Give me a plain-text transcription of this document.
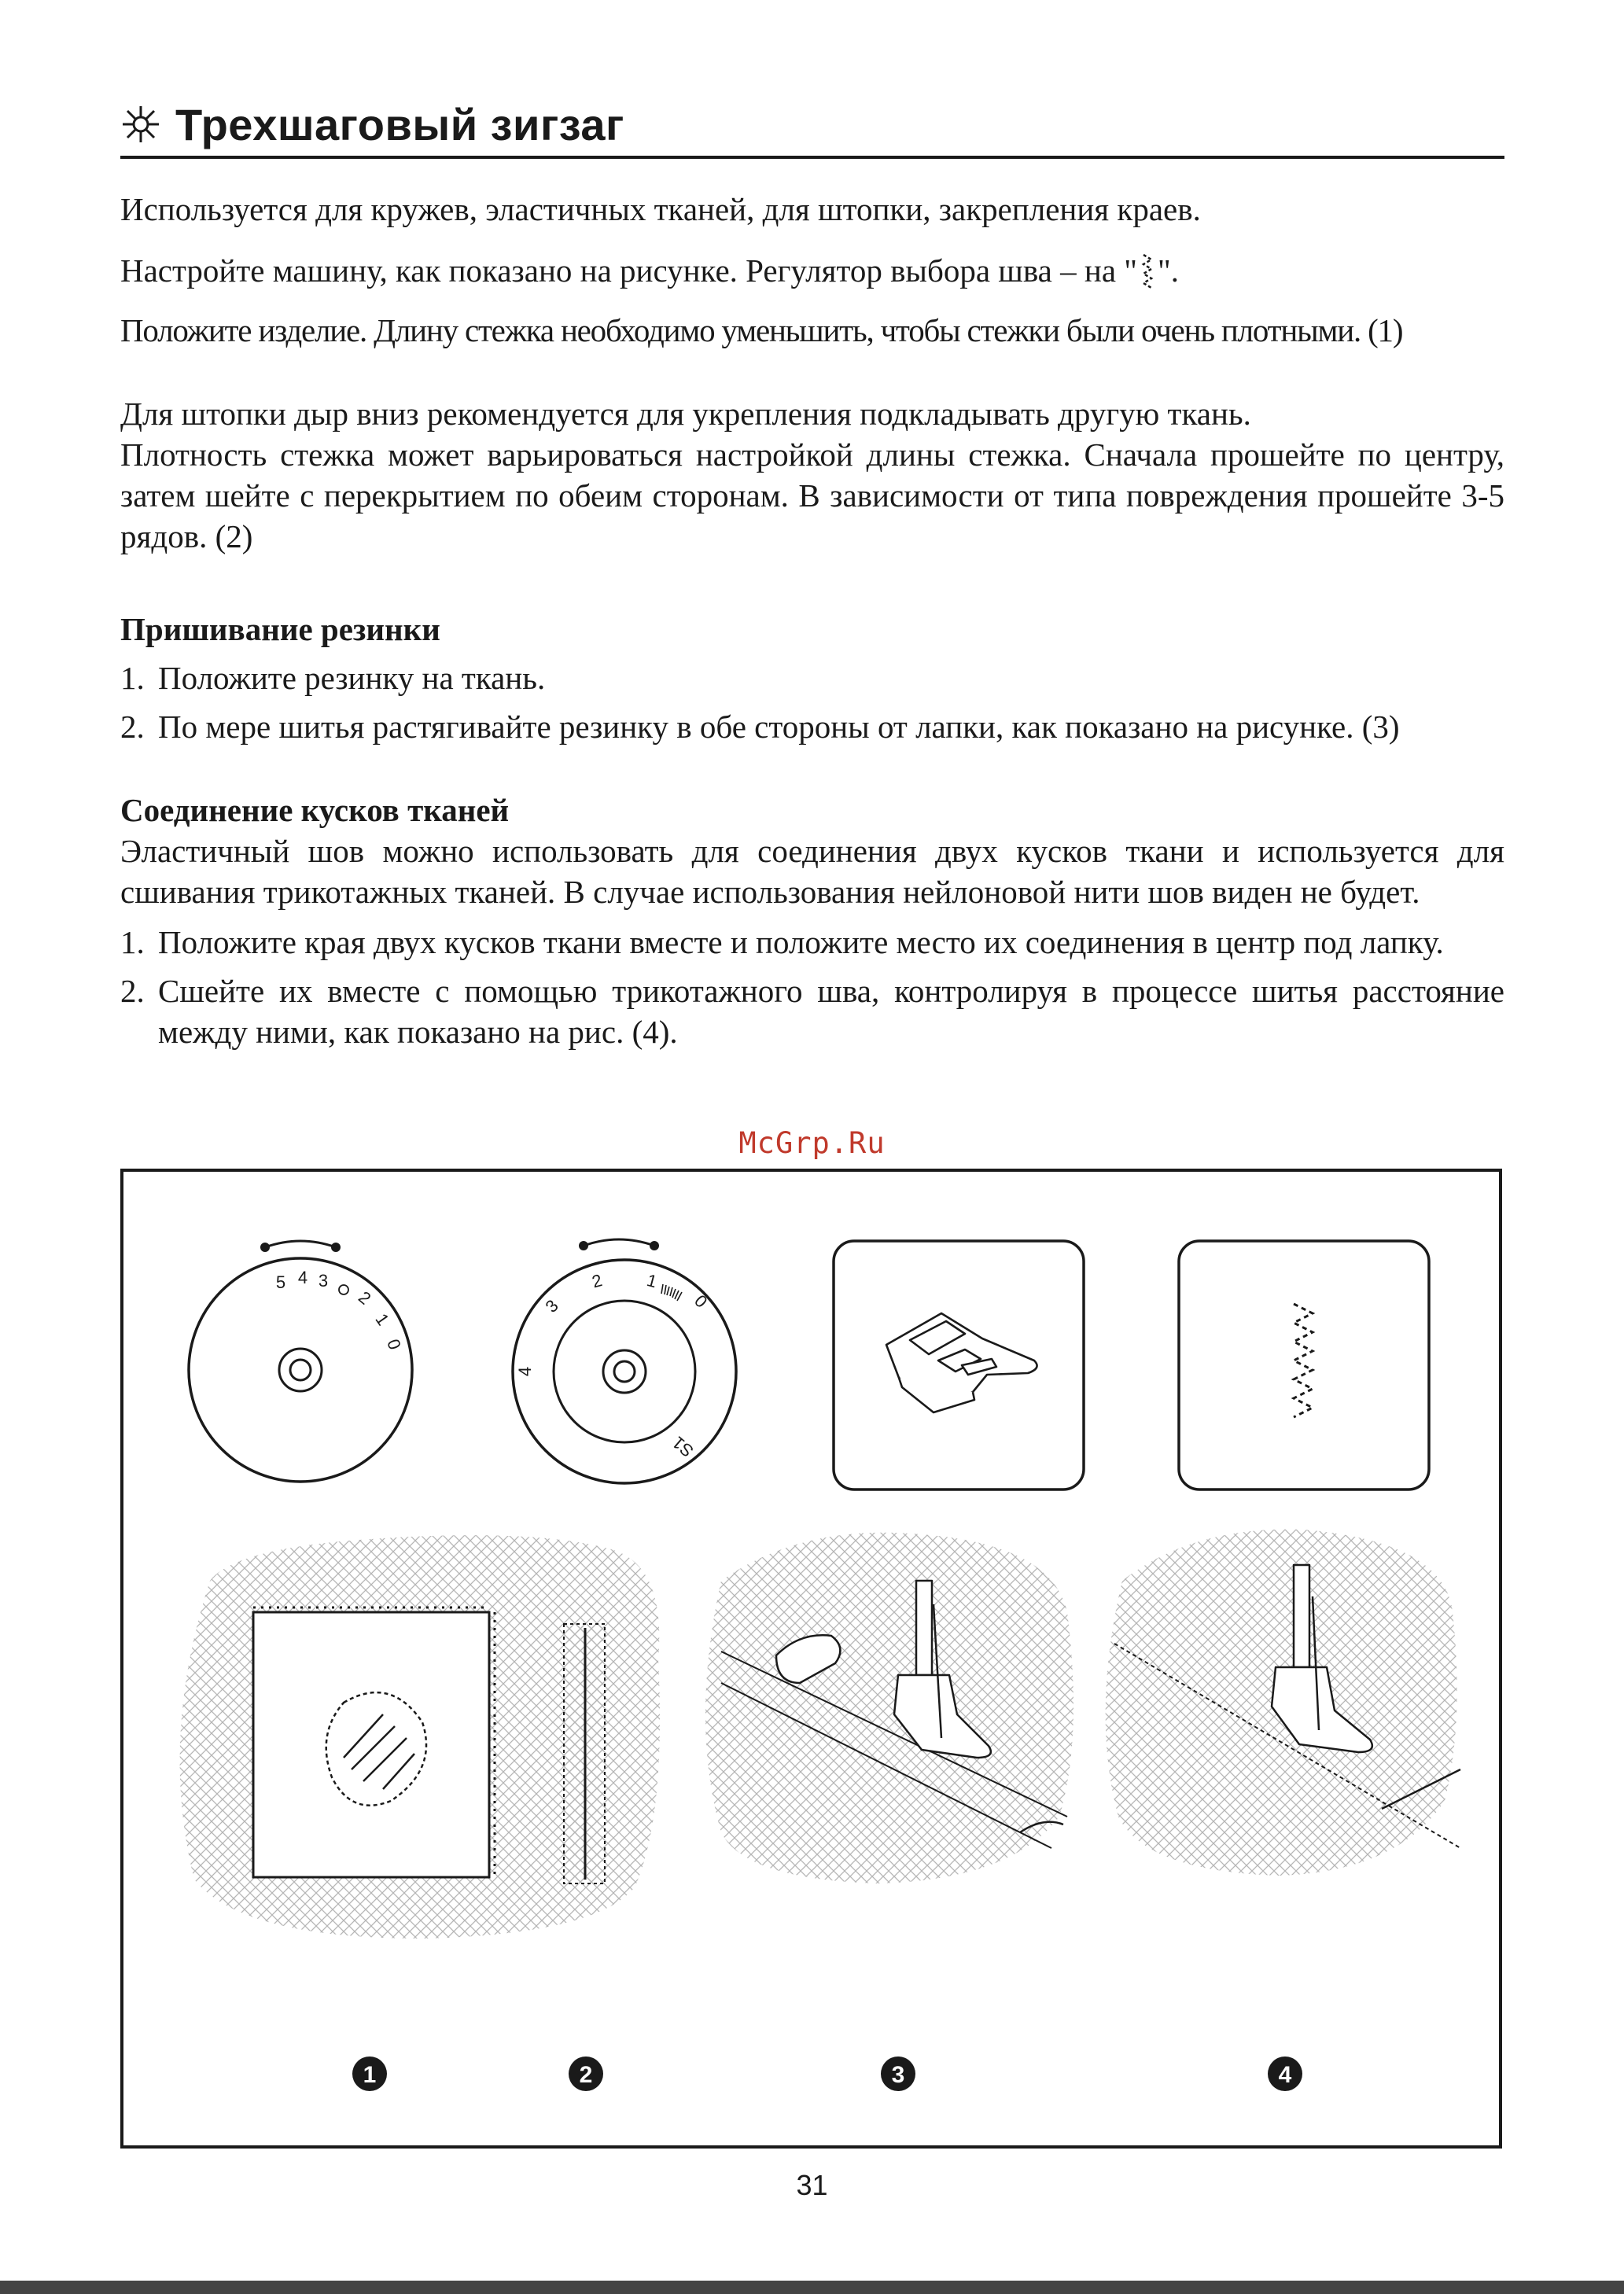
Трехшаговый зигзаг
Используется для кружев, эластичных тканей, для штопки, закрепления краев.
Настройте машину, как показано на рисунке. Регулятор выбора шва – на " ".
Положите изделие. Длину стежка необходимо уменьшить, чтобы стежки были очень плотными. (1)
Для штопки дыр вниз рекомендуется для укрепления подкладывать другую ткань.
Плотность стежка может варьироваться настройкой длины стежка. Сначала прошейте по центру, затем шейте с перекрытием по обеим сторонам. В зависимости от типа повреждения прошейте 3-5 рядов. (2)
Пришивание резинки
1. Положите резинку на ткань.
2. По мере шитья растягивайте резинку в обе стороны от лапки, как показано на рисунке. (3)
Соединение кусков тканей
Эластичный шов можно использовать для соединения двух кусков ткани и используется для сшивания трикотажных тканей. В случае использования нейлоновой нити шов виден не будет.
1. Положите края двух кусков ткани вместе и положите место их соединения в центр под лапку.
2. Сшейте их вместе с помощью трикотажного шва, контролируя в процессе шитья расстояние между ними, как показано на рис. (4).
McGrp.Ru
5 4 3
2
1
0
3
2 1
0
4
S1
1	2	3	4
31
